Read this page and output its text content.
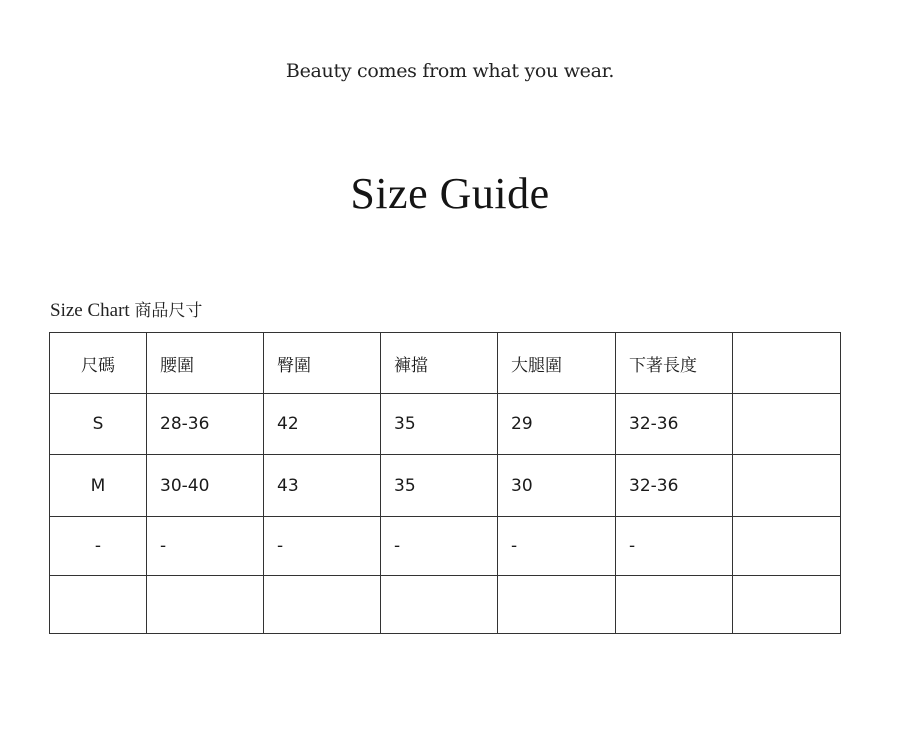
Beauty comes from what you wear.
Size Guide
Size Chart 商品尺寸
尺碼	腰圍	臀圍	褲擋	大腿圍	下著長度	
S	28-36	42	35	29	32-36	
M	30-40	43	35	30	32-36	
-	-	-	-	-	-	
